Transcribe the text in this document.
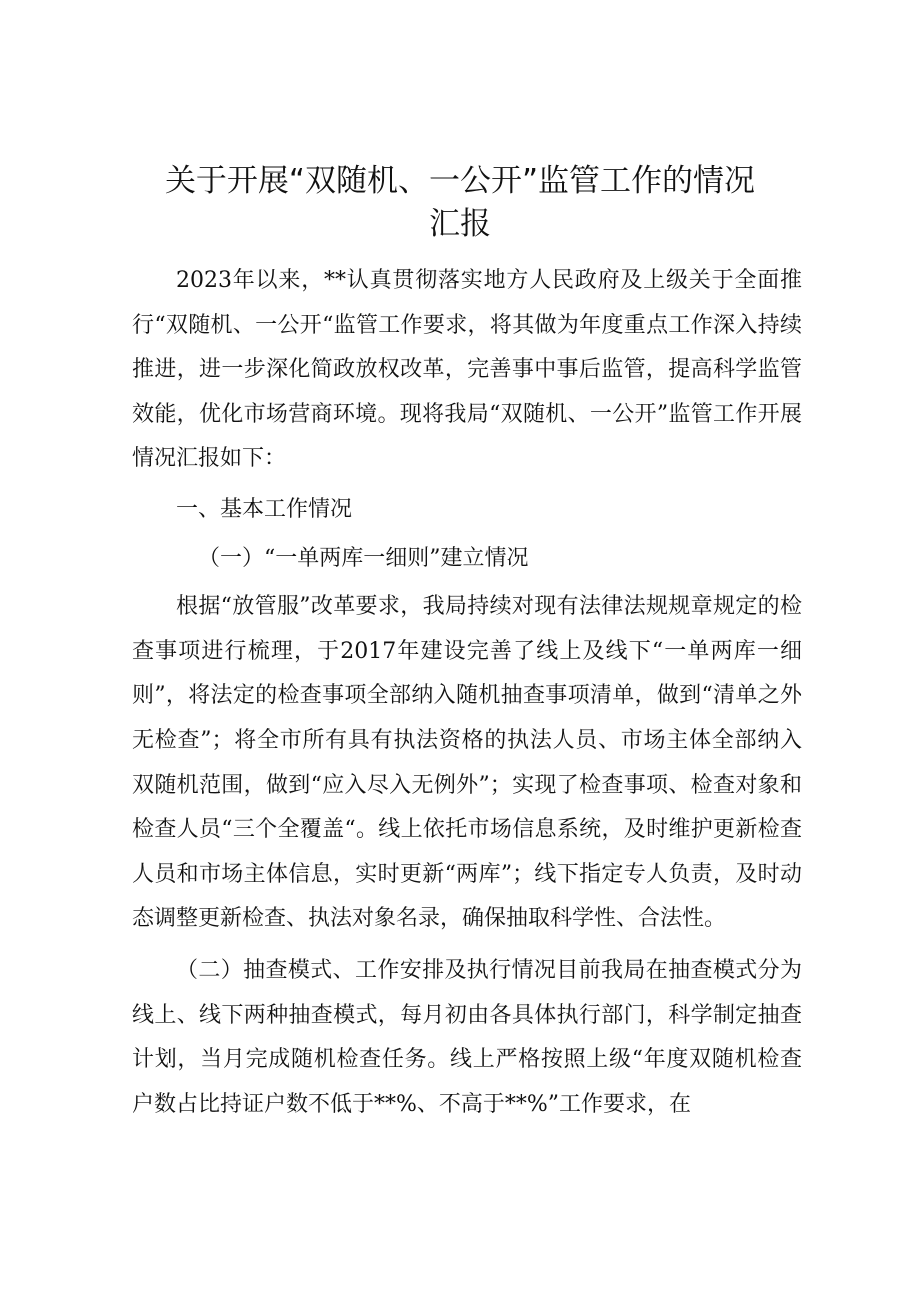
关于开展“双随机、一公开”监管工作的情况
汇报

2023年以来，**认真贯彻落实地方人民政府及上级关于全面推行“双随机、一公开“监管工作要求，将其做为年度重点工作深入持续推进，进一步深化简政放权改革，完善事中事后监管，提高科学监管效能，优化市场营商环境。现将我局“双随机、一公开”监管工作开展情况汇报如下：

一、基本工作情况

（一）“一单两库一细则”建立情况

根据“放管服”改革要求，我局持续对现有法律法规规章规定的检查事项进行梳理，于2017年建设完善了线上及线下“一单两库一细则”，将法定的检查事项全部纳入随机抽查事项清单，做到“清单之外无检查”；将全市所有具有执法资格的执法人员、市场主体全部纳入双随机范围，做到“应入尽入无例外”；实现了检查事项、检查对象和检查人员“三个全覆盖“。线上依托市场信息系统，及时维护更新检查人员和市场主体信息，实时更新“两库”；线下指定专人负责，及时动态调整更新检查、执法对象名录，确保抽取科学性、合法性。

（二）抽查模式、工作安排及执行情况目前我局在抽查模式分为线上、线下两种抽查模式，每月初由各具体执行部门，科学制定抽查计划，当月完成随机检查任务。线上严格按照上级“年度双随机检查户数占比持证户数不低于**%、不高于**%”工作要求，在
